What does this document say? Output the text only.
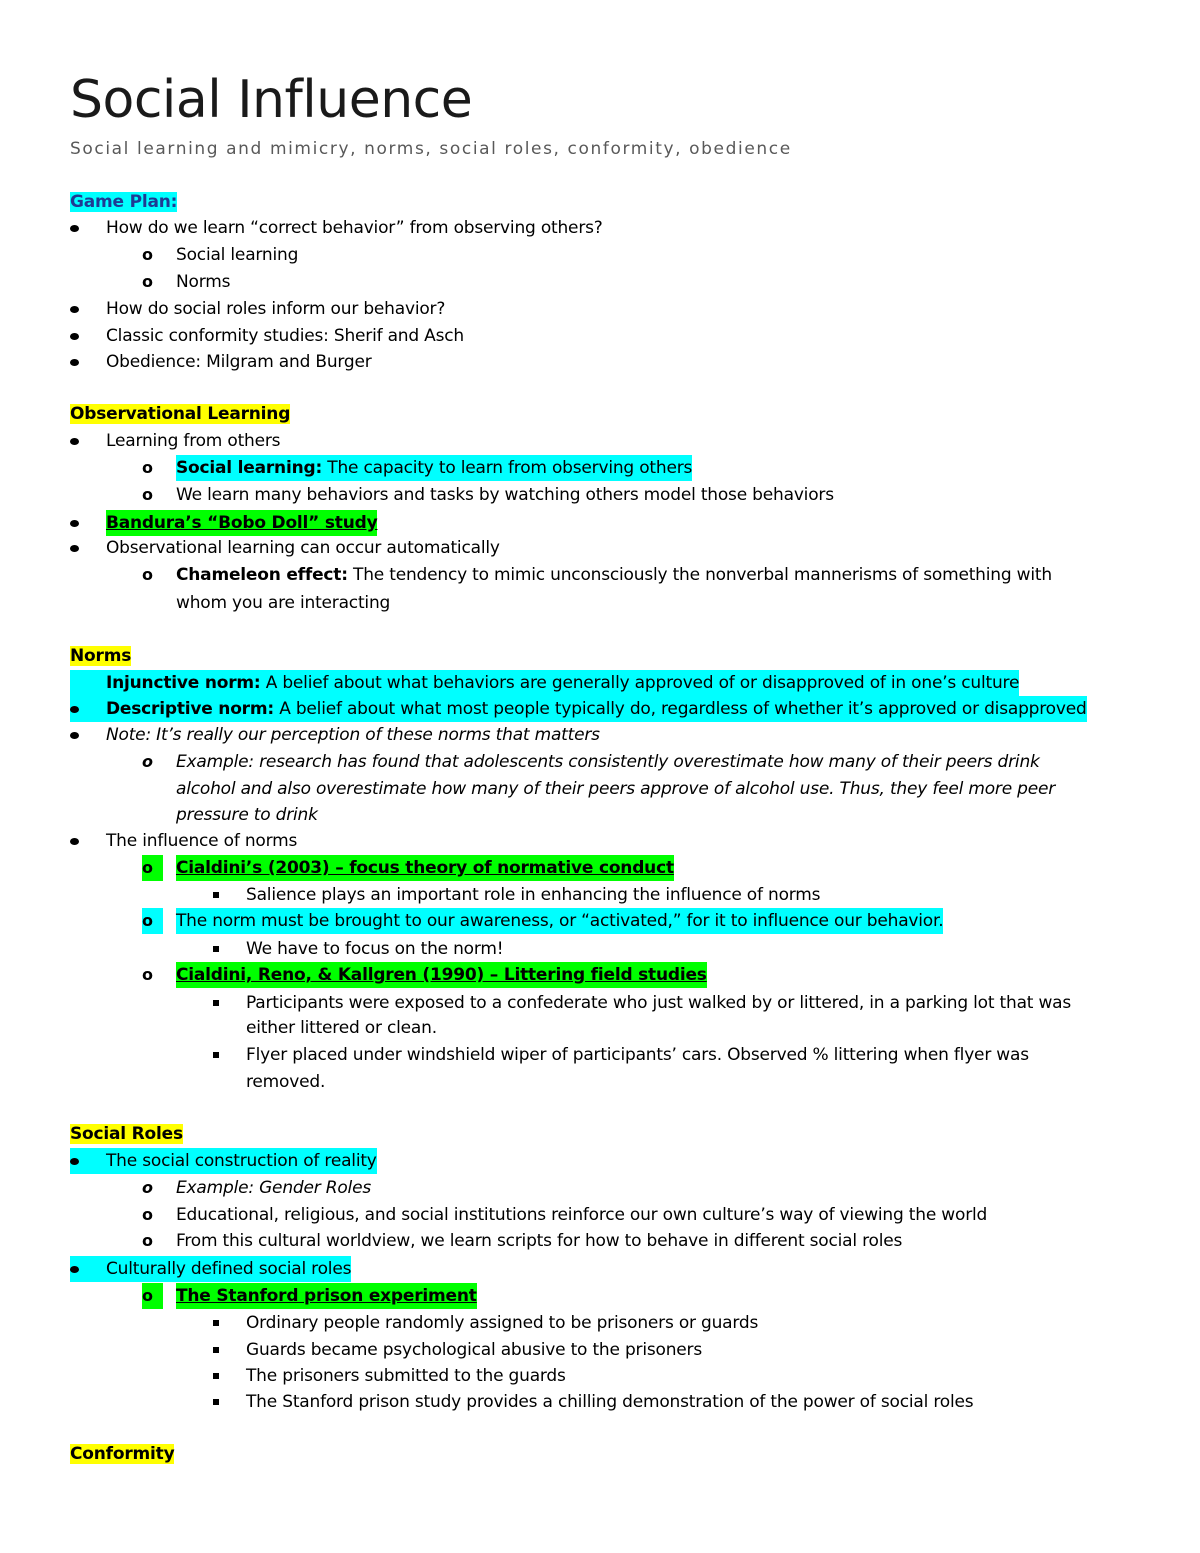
Social Influence
Social learning and mimicry, norms, social roles, conformity, obedience
Game Plan:
How do we learn “correct behavior” from observing others?
o Social learning
o Norms
How do social roles inform our behavior?
Classic conformity studies: Sherif and Asch
Obedience: Milgram and Burger
Observational Learning
Learning from others
o Social learning: The capacity to learn from observing others
o We learn many behaviors and tasks by watching others model those behaviors
Bandura’s “Bobo Doll” study
Observational learning can occur automatically
o Chameleon effect: The tendency to mimic unconsciously the nonverbal mannerisms of something with
whom you are interacting
Norms
Injunctive norm: A belief about what behaviors are generally approved of or disapproved of in one’s culture
Descriptive norm: A belief about what most people typically do, regardless of whether it’s approved or disapproved
Note: It’s really our perception of these norms that matters
o Example: research has found that adolescents consistently overestimate how many of their peers drink
alcohol and also overestimate how many of their peers approve of alcohol use. Thus, they feel more peer
pressure to drink
The influence of norms
o	Cialdini’s (2003) – focus theory of normative conduct
Salience plays an important role in enhancing the influence of norms
o	The norm must be brought to our awareness, or “activated,” for it to influence our behavior.
We have to focus on the norm!
o Cialdini, Reno, & Kallgren (1990) – Littering field studies
Participants were exposed to a confederate who just walked by or littered, in a parking lot that was
either littered or clean.
Flyer placed under windshield wiper of participants’ cars. Observed % littering when flyer was
removed.
Social Roles
The social construction of reality
o Example: Gender Roles
o Educational, religious, and social institutions reinforce our own culture’s way of viewing the world
o From this cultural worldview, we learn scripts for how to behave in different social roles
Culturally defined social roles
o	The Stanford prison experiment
Ordinary people randomly assigned to be prisoners or guards
Guards became psychological abusive to the prisoners
The prisoners submitted to the guards
The Stanford prison study provides a chilling demonstration of the power of social roles
Conformity
